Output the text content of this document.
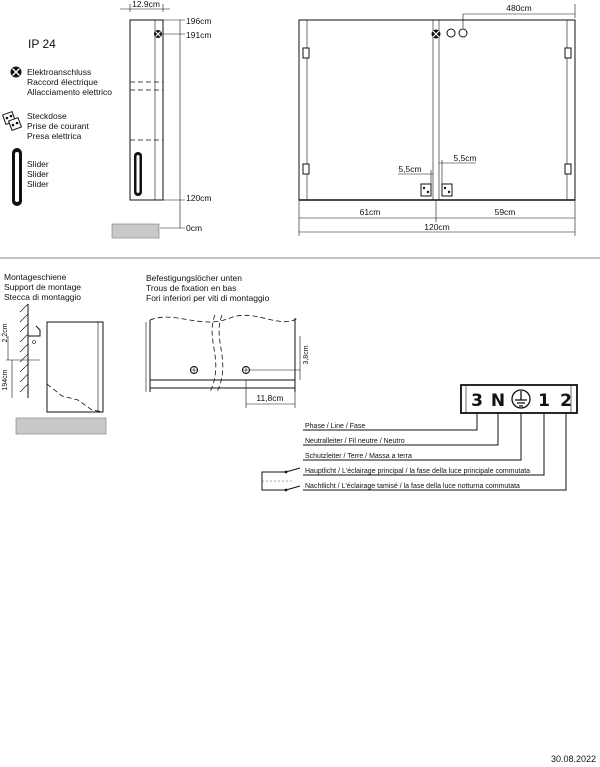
IP 24
Elektroanschluss
Raccord électrique
Allacciamento elettrico
Steckdose
Prise de courant
Presa elettrica
Slider
Slider
Slider
12.9cm
196cm
191cm
120cm
0cm
480cm
5,5cm
5,5cm
61cm	59cm
120cm
Montageschiene
Support de montage
Stecca di montaggio
2,2cm
194cm
Befestigungslöcher unten
Trous de fixation en bas
Fori inferiori per viti di montaggio
3,8cm
11,8cm	3 N 1 2
Phase / Line / Fase
Neutralleiter / Fil neutre / Neutro
Schutzleiter / Terre / Massa a terra
Hauptlicht / L'éclairage principal / la fase della luce principale commutata
Nachtlicht / L'éclairage tamisé / la fase della luce notturna commutata
30.08.2022
